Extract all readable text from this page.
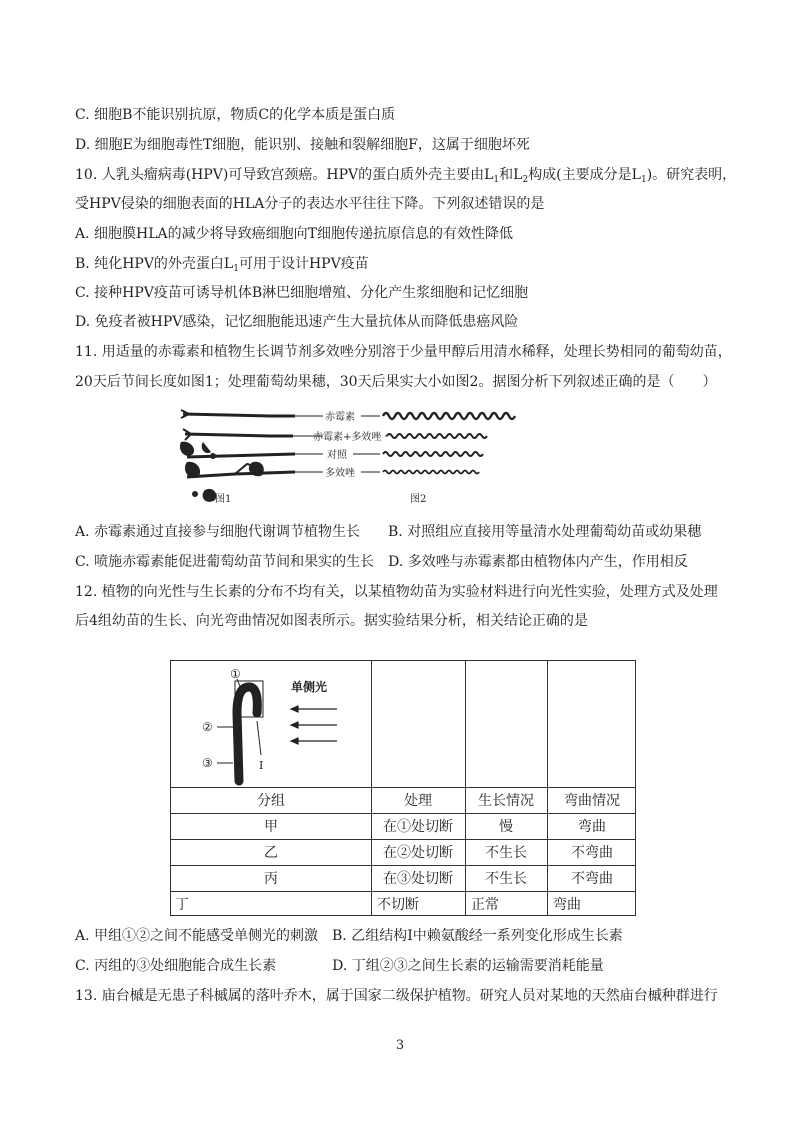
C. 细胞B不能识别抗原，物质C的化学本质是蛋白质
D. 细胞E为细胞毒性T细胞，能识别、接触和裂解细胞F，这属于细胞坏死
10. 人乳头瘤病毒(HPV)可导致宫颈癌。HPV的蛋白质外壳主要由$L_1$和$L_2$构成(主要成分是$L_1$)。研究表明，
受HPV侵染的细胞表面的HLA分子的表达水平往往下降。下列叙述错误的是
A. 细胞膜HLA的减少将导致癌细胞向T细胞传递抗原信息的有效性降低
B. 纯化HPV的外壳蛋白$L_1$可用于设计HPV疫苗
C. 接种HPV疫苗可诱导机体B淋巴细胞增殖、分化产生浆细胞和记忆细胞
D. 免疫者被HPV感染，记忆细胞能迅速产生大量抗体从而降低患癌风险
11. 用适量的赤霉素和植物生长调节剂多效唑分别溶于少量甲醇后用清水稀释，处理长势相同的葡萄幼苗，
20天后节间长度如图1；处理葡萄幼果穗，30天后果实大小如图2。据图分析下列叙述正确的是（　　）
赤霉素
赤霉素+多效唑
对照
多效唑
图1	图2
A. 赤霉素通过直接参与细胞代谢调节植物生长　　B. 对照组应直接用等量清水处理葡萄幼苗或幼果穗
C. 喷施赤霉素能促进葡萄幼苗节间和果实的生长　D. 多效唑与赤霉素都由植物体内产生，作用相反
12. 植物的向光性与生长素的分布不均有关，以某植物幼苗为实验材料进行向光性实验，处理方式及处理
后4组幼苗的生长、向光弯曲情况如图表所示。据实验结果分析，相关结论正确的是
①
②
③	Ⅰ
单侧光
分组	处理	生长情况	弯曲情况
甲	在①处切断	慢	弯曲
乙	在②处切断	不生长	不弯曲
丙	在③处切断	不生长	不弯曲
丁	不切断	正常	弯曲
A. 甲组①②之间不能感受单侧光的刺激　B. 乙组结构Ⅰ中赖氨酸经一系列变化形成生长素
C. 丙组的③处细胞能合成生长素　　　　D. 丁组②③之间生长素的运输需要消耗能量
13. 庙台槭是无患子科槭属的落叶乔木，属于国家二级保护植物。研究人员对某地的天然庙台槭种群进行
3
